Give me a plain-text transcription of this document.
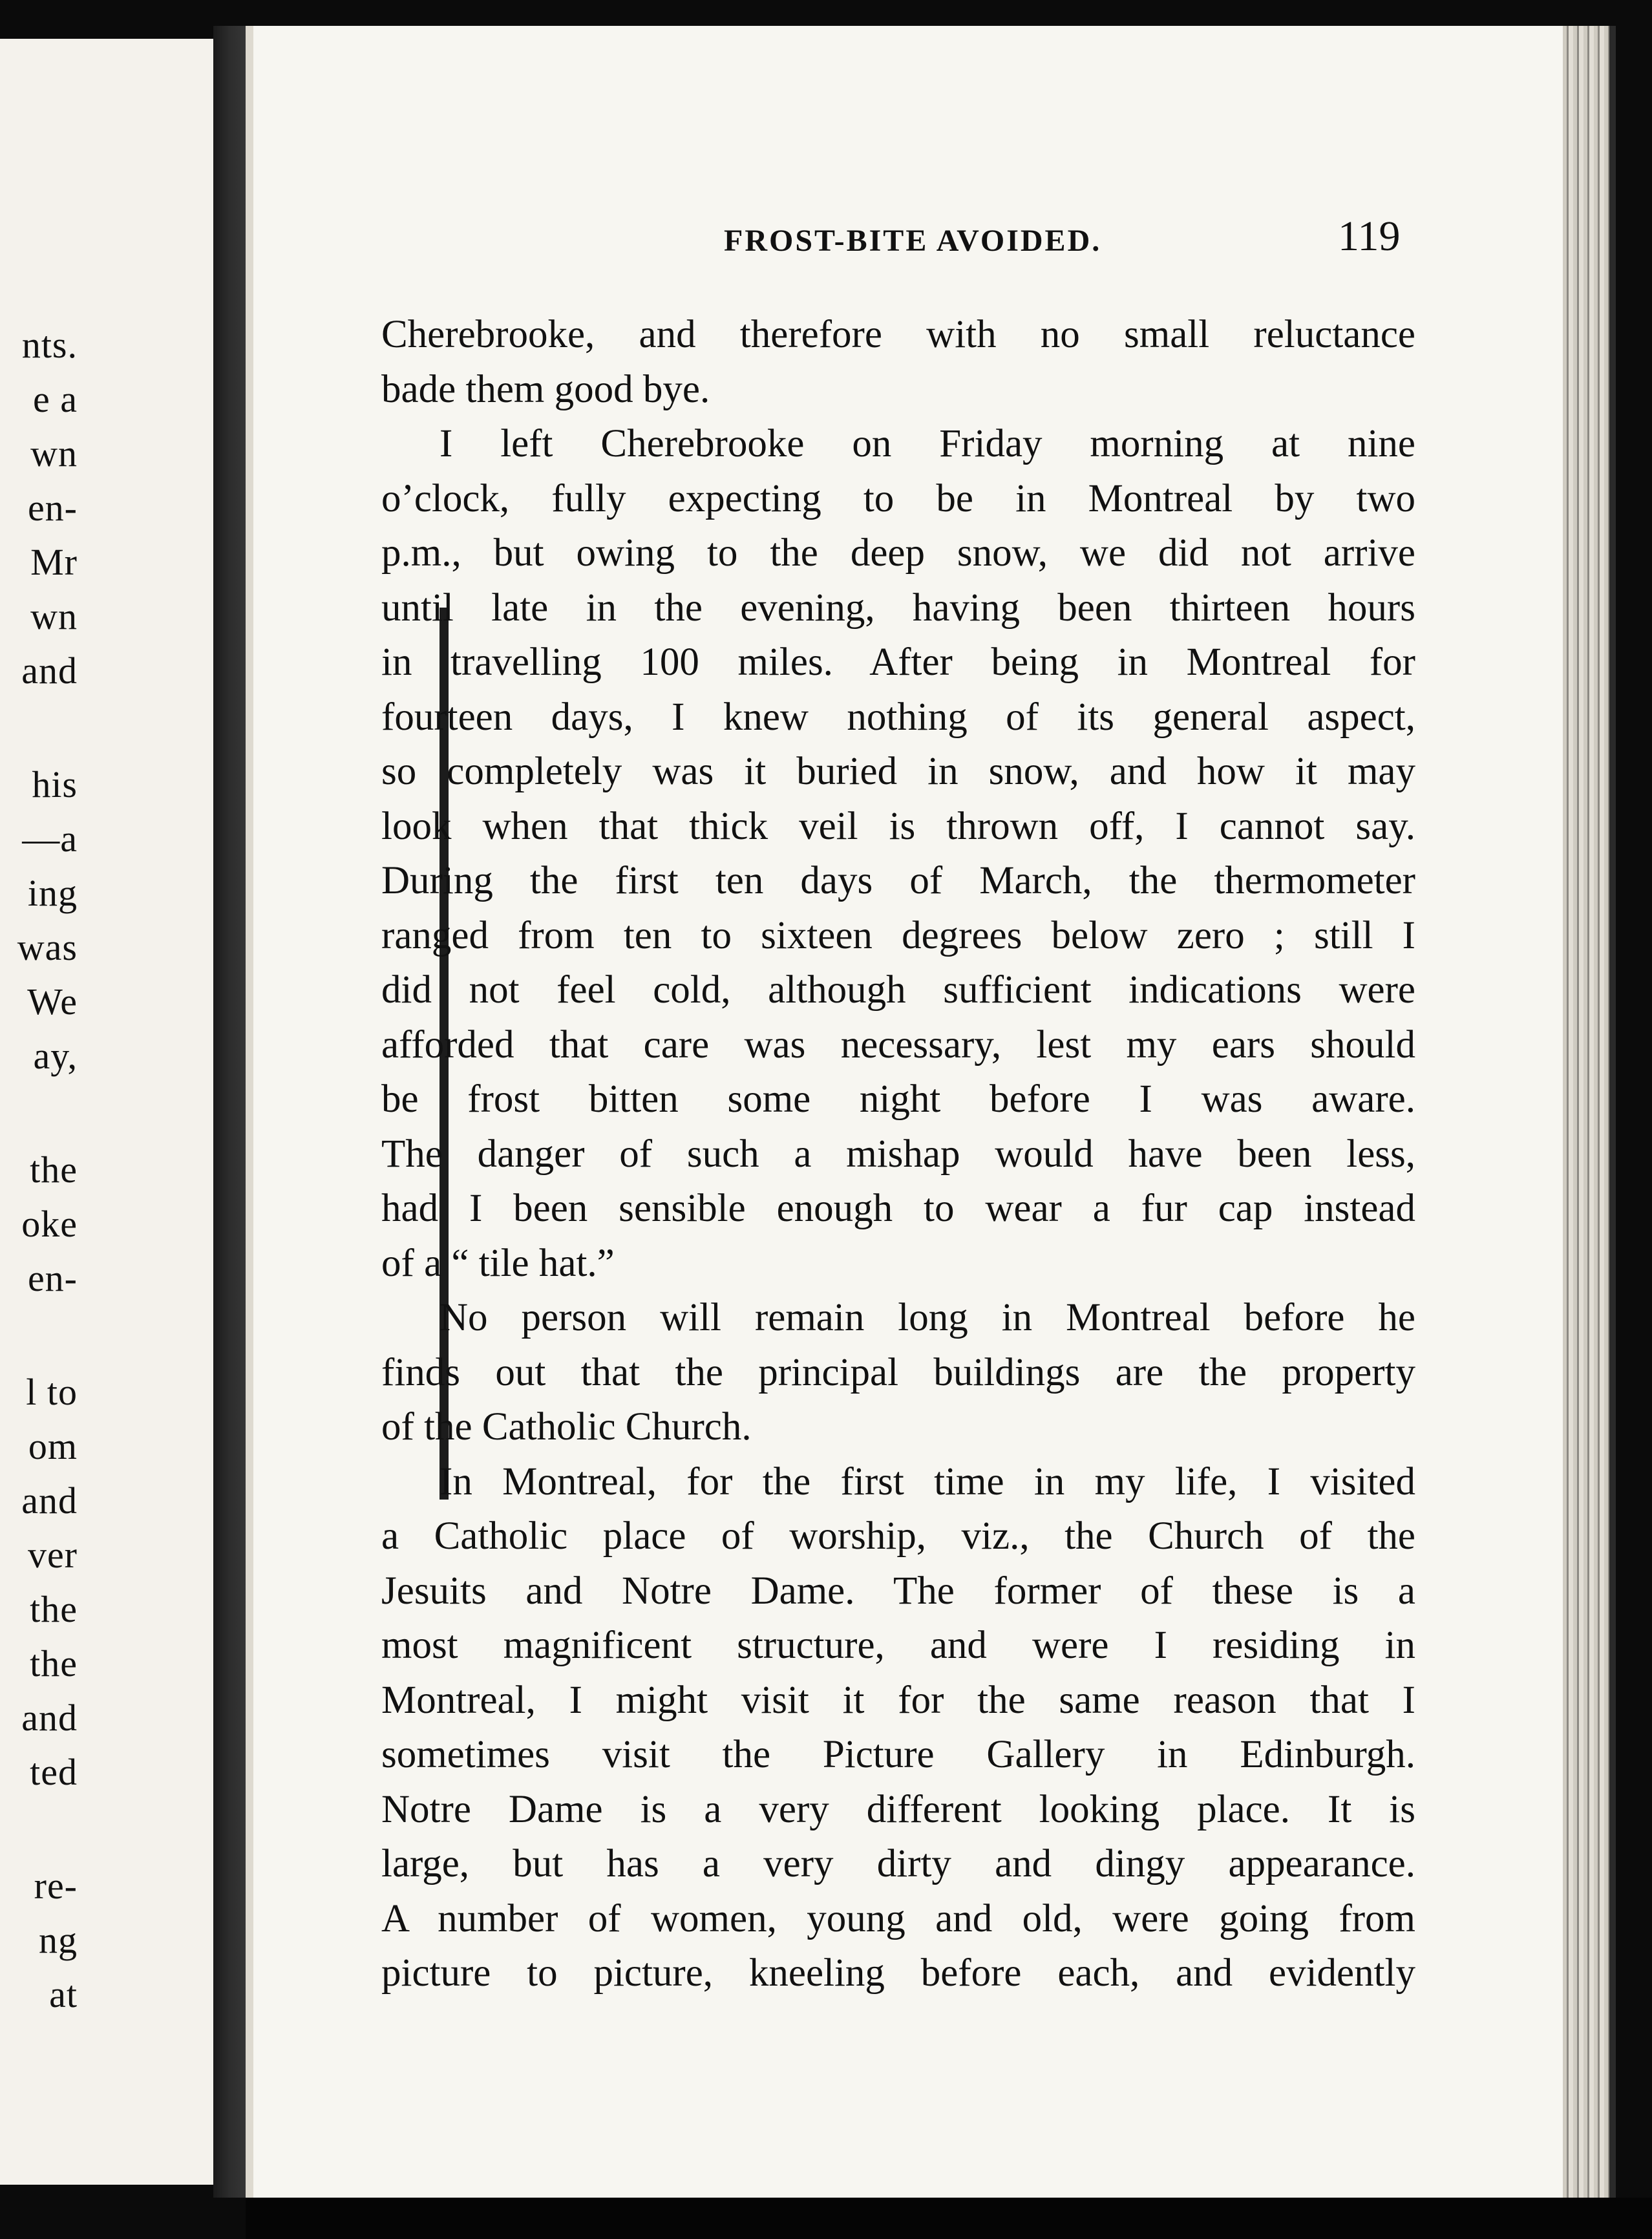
nts.
e a
wn
en-
Mr
wn
and
his
—a
ing
was
We
ay,
the
oke
en-
l to
om
and
ver
the
the
and
ted
re-
ng
at
FROST-BITE AVOIDED.	119
Cherebrooke, and therefore with no small reluctance
bade them good bye.
I left Cherebrooke on Friday morning at nine
o’clock, fully expecting to be in Montreal by two
p.m., but owing to the deep snow, we did not arrive
until late in the evening, having been thirteen hours
in travelling 100 miles. After being in Montreal for
fourteen days, I knew nothing of its general aspect,
so completely was it buried in snow, and how it may
look when that thick veil is thrown off, I cannot say.
During the first ten days of March, the thermometer
ranged from ten to sixteen degrees below zero ; still I
did not feel cold, although sufficient indications were
afforded that care was necessary, lest my ears should
be frost bitten some night before I was aware.
The danger of such a mishap would have been less,
had I been sensible enough to wear a fur cap instead
of a “ tile hat.”
No person will remain long in Montreal before he
finds out that the principal buildings are the property
of the Catholic Church.
In Montreal, for the first time in my life, I visited
a Catholic place of worship, viz., the Church of the
Jesuits and Notre Dame. The former of these is a
most magnificent structure, and were I residing in
Montreal, I might visit it for the same reason that I
sometimes visit the Picture Gallery in Edinburgh.
Notre Dame is a very different looking place. It is
large, but has a very dirty and dingy appearance.
A number of women, young and old, were going from
picture to picture, kneeling before each, and evidently
